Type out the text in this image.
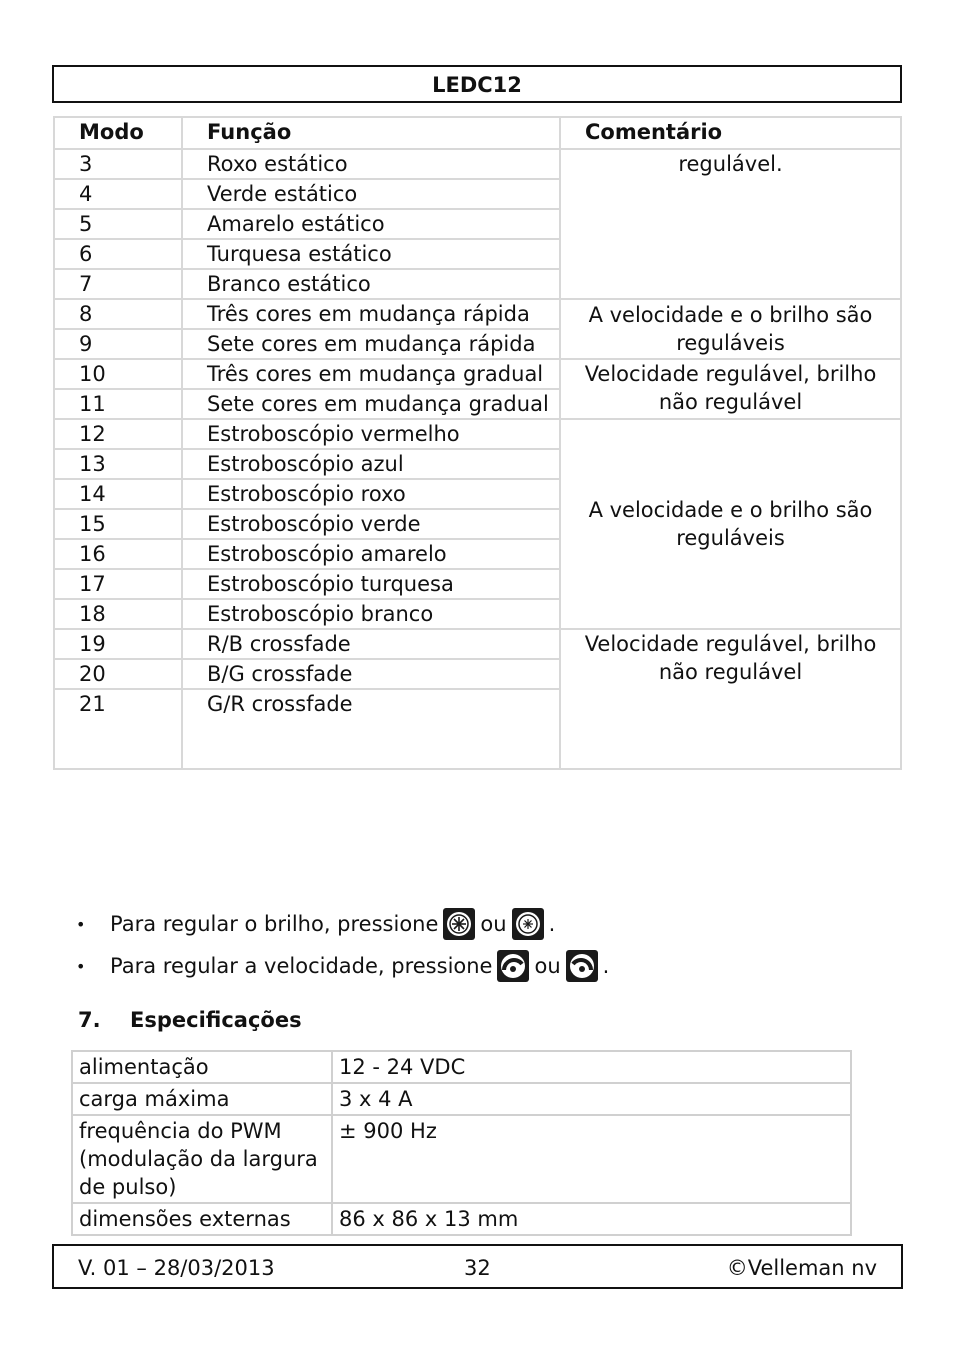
LEDC12
Modo	Função	Comentário
3	Roxo estático	regulável.
4	Verde estático	
5	Amarelo estático	
6	Turquesa estático	
7	Branco estático	
8	Três cores em mudança rápida	A velocidade e o brilho são reguláveis
9	Sete cores em mudança rápida	
10	Três cores em mudança gradual	Velocidade regulável, brilho não regulável
11	Sete cores em mudança gradual	
12	Estroboscópio vermelho	A velocidade e o brilho são reguláveis
13	Estroboscópio azul	
14	Estroboscópio roxo	
15	Estroboscópio verde	
16	Estroboscópio amarelo	
17	Estroboscópio turquesa	
18	Estroboscópio branco	
19	R/B crossfade	Velocidade regulável, brilho não regulável
20	B/G crossfade	
21	G/R crossfade	
•	Para regular o brilho, pressione ou .
•	Para regular a velocidade, pressione ou .
7. Especificações
alimentação	12 - 24 VDC
carga máxima	3 x 4 A
frequência do PWM (modulação da largura de pulso)	± 900 Hz
dimensões externas	86 x 86 x 13 mm
V. 01 – 28/03/2013	32	©Velleman nv
